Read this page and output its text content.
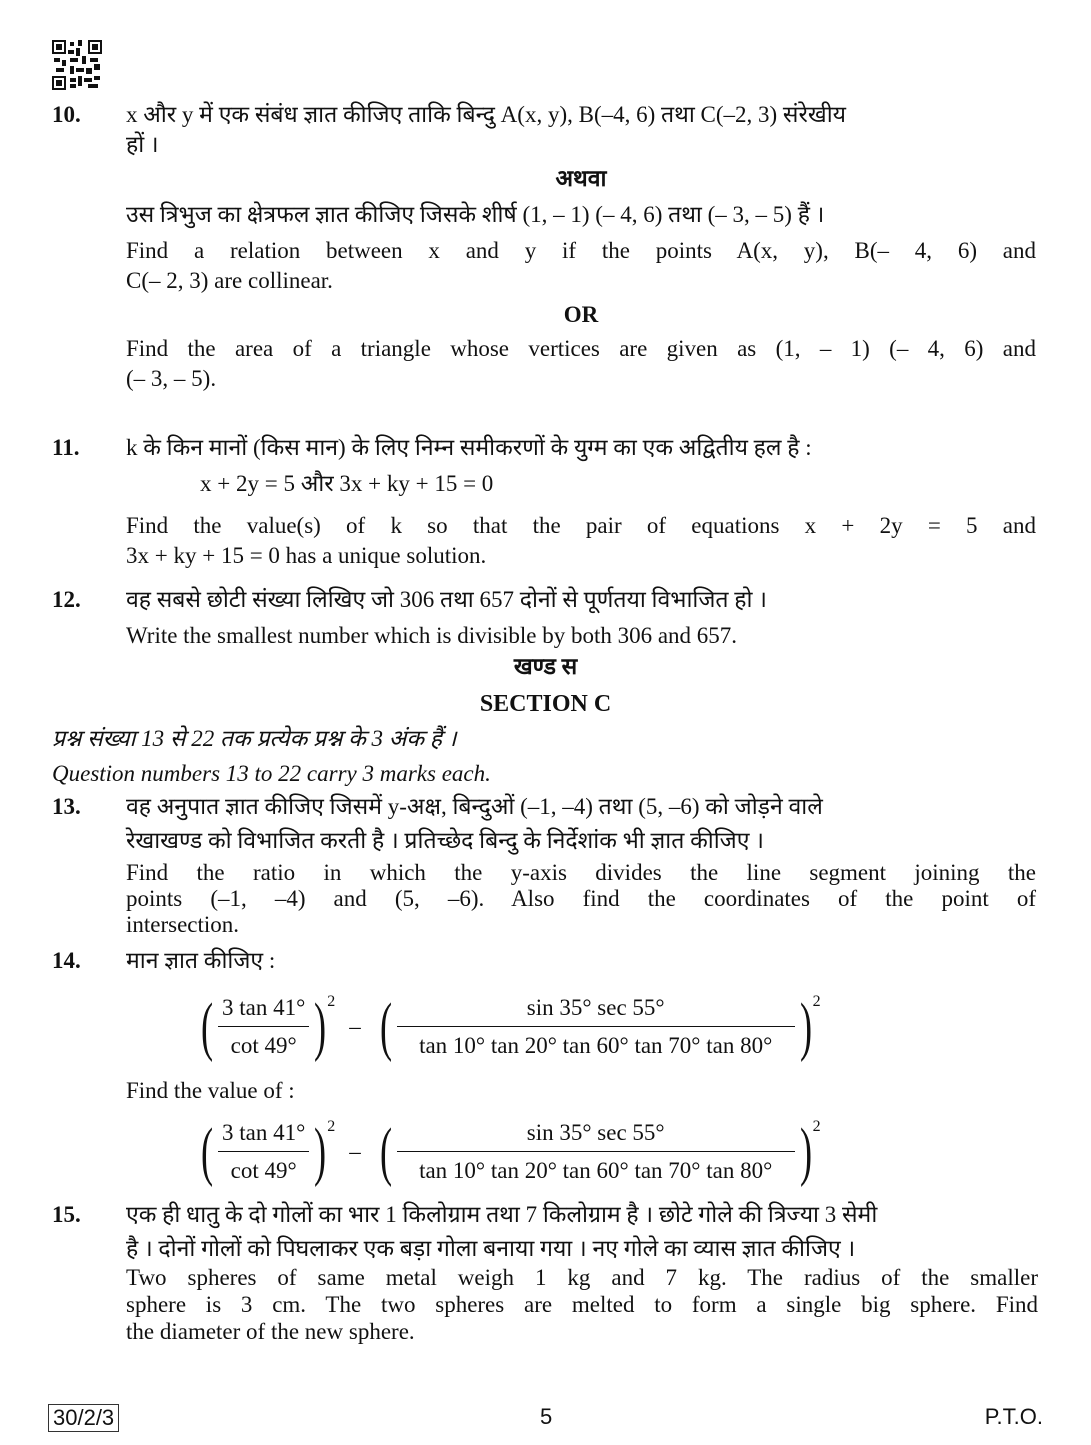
10. x और y में एक संबंध ज्ञात कीजिए ताकि बिन्दु A(x, y), B(–4, 6) तथा C(–2, 3) संरेखीय
हों ।
अथवा
उस त्रिभुज का क्षेत्रफल ज्ञात कीजिए जिसके शीर्ष (1, – 1) (– 4, 6) तथा (– 3, – 5) हैं ।
Find a relation between x and y if the points A(x, y), B(– 4, 6) and
C(– 2, 3) are collinear.
OR
Find the area of a triangle whose vertices are given as (1, – 1) (– 4, 6) and
(– 3, – 5).
11. k के किन मानों (किस मान) के लिए निम्न समीकरणों के युग्म का एक अद्वितीय हल है :
x + 2y = 5 और 3x + ky + 15 = 0
Find the value(s) of k so that the pair of equations x + 2y = 5 and
3x + ky + 15 = 0 has a unique solution.
12. वह सबसे छोटी संख्या लिखिए जो 306 तथा 657 दोनों से पूर्णतया विभाजित हो ।
Write the smallest number which is divisible by both 306 and 657.
खण्ड स
SECTION C
प्रश्न संख्या 13 से 22 तक प्रत्येक प्रश्न के 3 अंक हैं ।
Question numbers 13 to 22 carry 3 marks each.
13. वह अनुपात ज्ञात कीजिए जिसमें y-अक्ष, बिन्दुओं (–1, –4) तथा (5, –6) को जोड़ने वाले
रेखाखण्ड को विभाजित करती है । प्रतिच्छेद बिन्दु के निर्देशांक भी ज्ञात कीजिए ।
Find the ratio in which the y-axis divides the line segment joining the
points (–1, –4) and (5, –6). Also find the coordinates of the point of
intersection.
14. मान ज्ञात कीजिए :
( $\frac{3 \tan 41^\circ}{\cot 49^\circ}$ ) 2
– ( $\frac{\sin 35^\circ \sec 55^\circ}{\tan 10^\circ \tan 20^\circ \tan 60^\circ \tan 70^\circ \tan 80^\circ}$ ) 2
Find the value of :
( $\frac{3 \tan 41^\circ}{\cot 49^\circ}$ ) 2
– ( $\frac{\sin 35^\circ \sec 55^\circ}{\tan 10^\circ \tan 20^\circ \tan 60^\circ \tan 70^\circ \tan 80^\circ}$ ) 2
15. एक ही धातु के दो गोलों का भार 1 किलोग्राम तथा 7 किलोग्राम है । छोटे गोले की त्रिज्या 3 सेमी
है । दोनों गोलों को पिघलाकर एक बड़ा गोला बनाया गया । नए गोले का व्यास ज्ञात कीजिए ।
Two spheres of same metal weigh 1 kg and 7 kg. The radius of the smaller
sphere is 3 cm. The two spheres are melted to form a single big sphere. Find
the diameter of the new sphere.
30/2/3	5	P.T.O.
